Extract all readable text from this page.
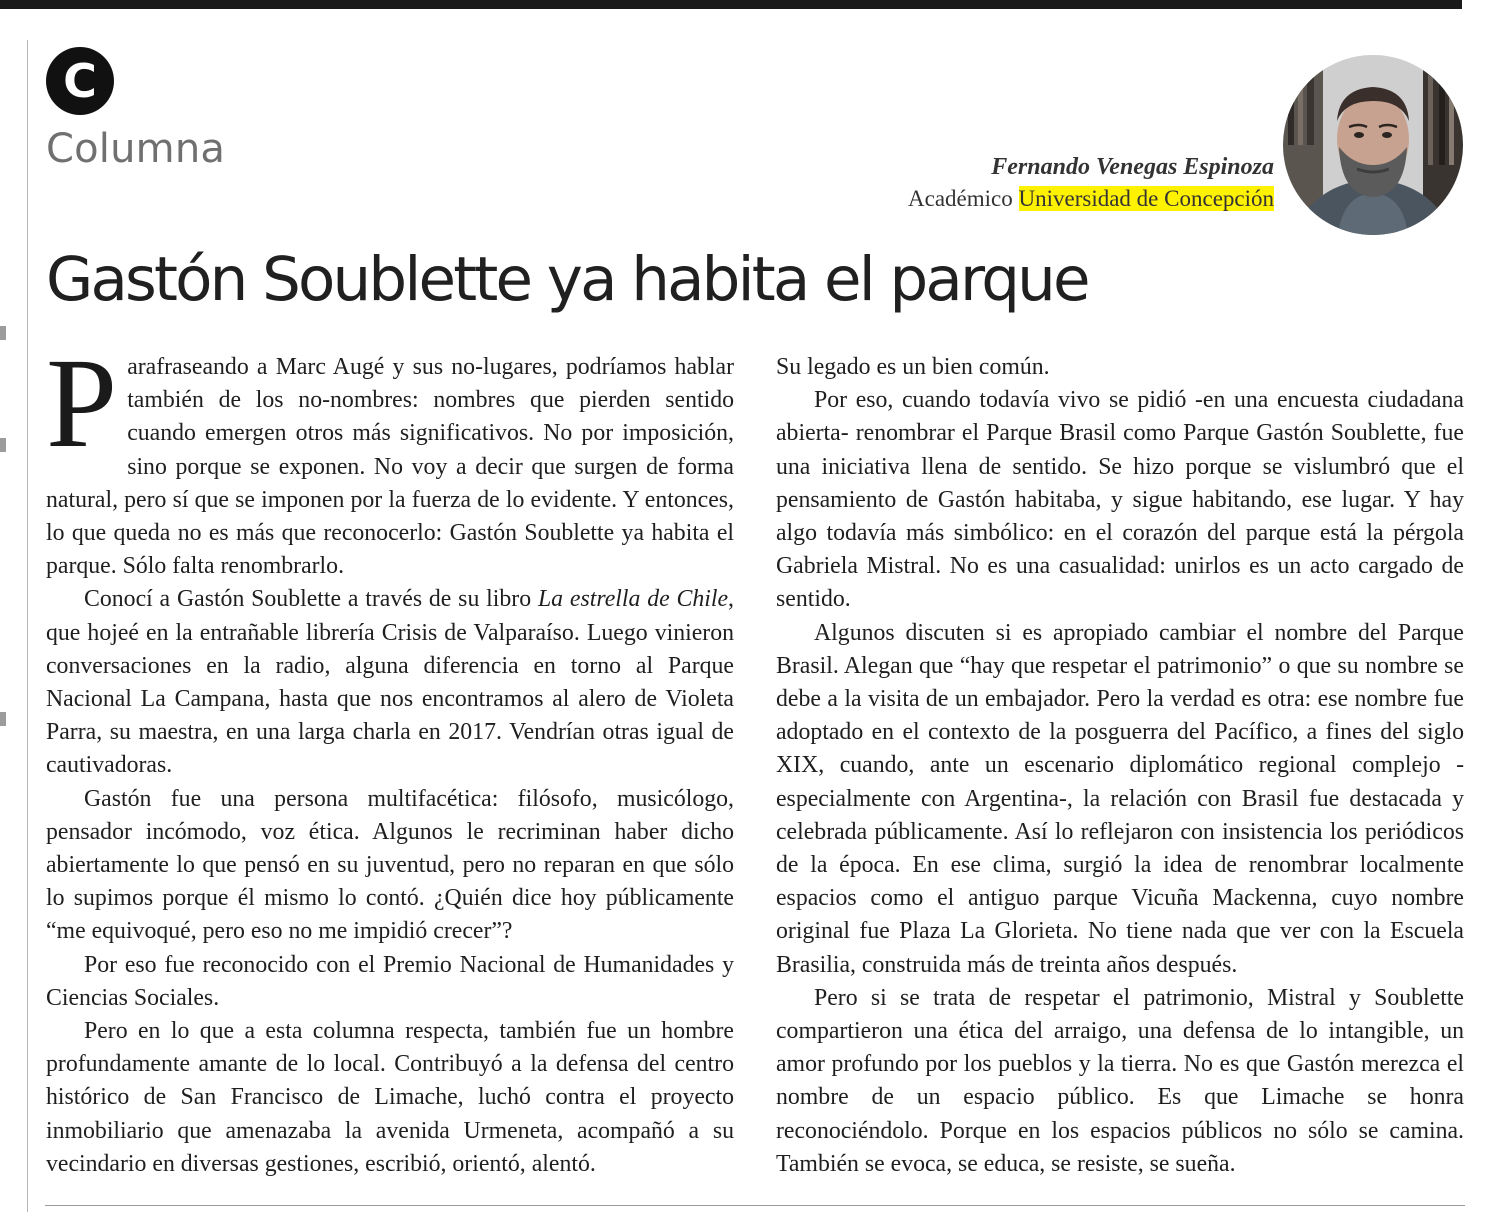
C
Columna	Fernando Venegas Espinoza
Académico Universidad de Concepción
Gastón Soublette ya habita el parque

Parafraseando a Marc Augé y sus no-lugares, podríamos hablar también de los no-nombres: nombres que pierden sentido cuando emergen otros más significativos. No por imposición, sino porque se exponen. No voy a decir que surgen de forma natural, pero sí que se imponen por la fuerza de lo evidente. Y entonces, lo que queda no es más que reconocerlo: Gastón Soublette ya habita el parque. Sólo falta renombrarlo.

Conocí a Gastón Soublette a través de su libro La estrella de Chile, que hojeé en la entrañable librería Crisis de Valparaíso. Luego vinieron conversaciones en la radio, alguna diferencia en torno al Parque Nacional La Campana, hasta que nos encontramos al alero de Violeta Parra, su maestra, en una larga charla en 2017. Vendrían otras igual de cautivadoras.

Gastón fue una persona multifacética: filósofo, musicólogo, pensador incómodo, voz ética. Algunos le recriminan haber dicho abiertamente lo que pensó en su juventud, pero no reparan en que sólo lo supimos porque él mismo lo contó. ¿Quién dice hoy públicamente “me equivoqué, pero eso no me impidió crecer”?

Por eso fue reconocido con el Premio Nacional de Humanidades y Ciencias Sociales.

Pero en lo que a esta columna respecta, también fue un hombre profundamente amante de lo local. Contribuyó a la defensa del centro histórico de San Francisco de Limache, luchó contra el proyecto inmobiliario que amenazaba la avenida Urmeneta, acompañó a su vecindario en diversas gestiones, escribió, orientó, alentó.

Su legado es un bien común.

Por eso, cuando todavía vivo se pidió -en una encuesta ciudadana abierta- renombrar el Parque Brasil como Parque Gastón Soublette, fue una iniciativa llena de sentido. Se hizo porque se vislumbró que el pensamiento de Gastón habitaba, y sigue habitando, ese lugar. Y hay algo todavía más simbólico: en el corazón del parque está la pérgola Gabriela Mistral. No es una casualidad: unirlos es un acto cargado de sentido.

Algunos discuten si es apropiado cambiar el nombre del Parque Brasil. Alegan que “hay que respetar el patrimonio” o que su nombre se debe a la visita de un embajador. Pero la verdad es otra: ese nombre fue adoptado en el contexto de la posguerra del Pacífico, a fines del siglo XIX, cuando, ante un escenario diplomático regional complejo -especialmente con Argentina-, la relación con Brasil fue destacada y celebrada públicamente. Así lo reflejaron con insistencia los periódicos de la época. En ese clima, surgió la idea de renombrar localmente espacios como el antiguo parque Vicuña Mackenna, cuyo nombre original fue Plaza La Glorieta. No tiene nada que ver con la Escuela Brasilia, construida más de treinta años después.

Pero si se trata de respetar el patrimonio, Mistral y Soublette compartieron una ética del arraigo, una defensa de lo intangible, un amor profundo por los pueblos y la tierra. No es que Gastón merezca el nombre de un espacio público. Es que Limache se honra reconociéndolo. Porque en los espacios públicos no sólo se camina. También se evoca, se educa, se resiste, se sueña.
